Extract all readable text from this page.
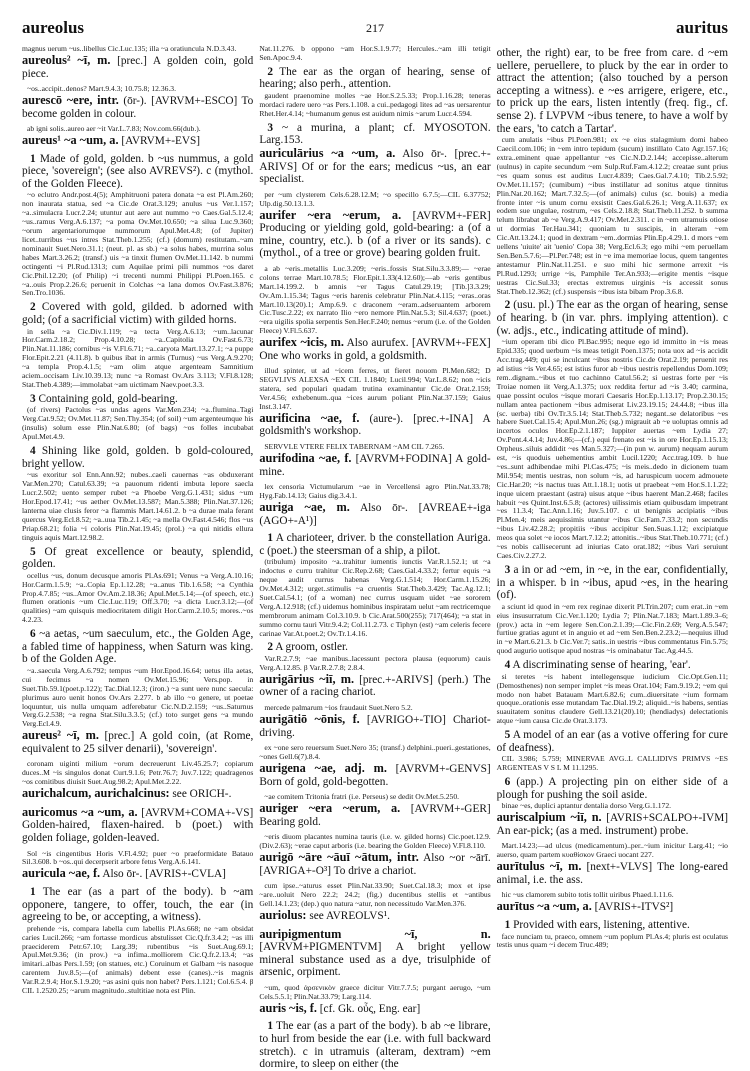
aureolus	217	auritus
magnus uerum ~us..libellus Cic.Luc.135; illa ~a oratiuncula N.D.3.43.
aureolus² ~ī, m. [prec.] A golden coin, gold piece.
~os..accipit..denos? Mart.9.4.3; 10.75.8; 12.36.3.
aurescō ~ere, intr. (ōr-). [AVRVM+-ESCO] To become golden in colour.
ab igni solis..aureo aer ~it Var.L.7.83; Nov.com.66(dub.).
aureus¹ ~a ~um, a. [AVRVM+-EVS]
1 Made of gold, golden. b ~us nummus, a gold piece, 'sovereign'; (see also AVREVS²). c (mythol. of the Golden Fleece).
~o eclutro Andr.post.4(5); Amphitruoni patera donata ~a est Pl.Am.260; non inaurata statua, sed ~a Cic.de Orat.3.129; anulus ~us Ver.1.157; ~a..simulacra Lucr.2.24; utuntur aut aere aut nummo ~o Caes.Gal.5.12.4; ~us..ramus Verg.A.6.137; ~a poma Ov.Met.10.650; ~a silua Luc.9.360; ~orum argentariorumque nummorum Apul.Met.4.8; (of Jupiter) licet..turribus ~us intres Stat.Theb.1.255; (cf.) (domum) restitutam..~am nominauit Suet.Nero.31.1; (neut. pl. as sb.) ~a solus habes, murrina solus habes Mart.3.26.2; (transf.) uis ~a tinxit flumen Ov.Met.11.142. b nummi octingenti ~i Pl.Rud.1313; cum Aquilae primi pili nummos ~os daret Cic.Phil.12.20; (of Philip) ~i trecenti nummi Philippi Pl.Poen.165. c ~a..ouis Prop.2.26.6; peruenit in Colchas ~a lana domos Ov.Fast.3.876; Sen.Tro.1036.
2 Covered with gold, gilded. b adorned with gold; (of a sacrificial victim) with gilded horns.
in sella ~a Cic.Div.1.119; ~a tecta Verg.A.6.13; ~um..lacunar Hor.Carm.2.18.2; Prop.4.10.28; ~a..Capitolia Ov.Fast.6.73; Plin.Nat.11.186; cornibus ~is V.Fl.6.71; ~a..caryota Mart.13.27.1; ~a puppe Flor.Epit.2.21 (4.11.8). b quibus ibat in armis (Turnus) ~us Verg.A.9.270; ~a templa Prop.4.1.5; ~am olim atque argenteam Samnitium aciem..occisam Liv.10.39.13; nunc ~a Romast Ov.Ars 3.113; V.Fl.8.128; Stat.Theb.4.389;—immolabat ~am uictimam Naev.poet.3.3.
3 Containing gold, gold-bearing.
(of rivers) Pactolus ~as undas agens Var.Men.234; ~a..flumina..Tagi Verg.Cat.9.52; Ov.Met.11.87; Sen.Thy.354; (of soil) ~um argenteumque his (insulis) solum esse Plin.Nat.6.80; (of bags) ~os folles incubabat Apul.Met.4.9.
4 Shining like gold, golden. b gold-coloured, bright yellow.
~us exoritur sol Enn.Ann.92; nubes..caeli cauernas ~as obduxerant Var.Men.270; Catul.63.39; ~a pauonum ridenti imbuta lepore saecla Lucr.2.502; uento semper rubet ~a Phoebe Verg.G.1.431; sidus ~um Hor.Epod.17.41; ~us aether Ov.Met.13.587; Man.5.388; Plin.Nat.37.126; lanterna uiae clusis feror ~a flammis Mart.14.61.2. b ~a durae mala ferant quercus Verg.Ecl.8.52; ~a..uua Tib.2.1.45; ~a mella Ov.Fast.4.546; flos ~us Priap.68.21; folia ~i coloris Plin.Nat.19.45; (prol.) ~a qui nitidis ellura tinguis aquis Mart.12.98.2.
5 Of great excellence or beauty, splendid, golden.
ocellus ~us, donum decusque amoris Pl.As.691; Venus ~a Verg.A.10.16; Hor.Carm.1.5.9; ~a..Copia Ep.1.12.28; ~a..anus Tib.1.6.58; ~a Cynthia Prop.4.7.85; ~us..Amor Ov.Am.2.18.36; Apul.Met.5.14;—(of speech, etc.) flumen orationis ~um Cic.Luc.119; Off.3.70; ~a dicta Lucr.3.12;—(of qualities) ~am quisquis mediocritatem diligit Hor.Carm.2.10.5; mores..~os 4.2.23.
6 ~a aetas, ~um saeculum, etc., the Golden Age, a fabled time of happiness, when Saturn was king. b of the Golden Age.
~a..saecula Verg.A.6.792; tempus ~um Hor.Epod.16.64; uetus illa aetas, cui fecimus ~a nomen Ov.Met.15.96; Vers.pop. in Suet.Tib.59.1(poet.p.122); Tac.Dial.12.3; (iron.) ~a sunt uere nunc saecula: plurimus auro uenit honos Ov.Ars 2.277. b ab illo ~o genere, ut poetae loquuntur, uis nulla umquam adferebatur Cic.N.D.2.159; ~us..Saturnus Verg.G.2.538; ~a regna Stat.Silu.3.3.5; (cf.) toto surget gens ~a mundo Verg.Ecl.4.9.
aureus² ~ī, m. [prec.] A gold coin, (at Rome, equivalent to 25 silver denarii), 'sovereign'.
coronam uiginti milium ~orum decreuerunt Liv.45.25.7; copiarum duces..M ~is singulos donat Curt.9.1.6; Petr.76.7; Juv.7.122; quadragenos ~os comitibus diuisit Suet.Aug.98.2; Apul.Met.2.22.
aurichalcum, aurichalcinus: see ORICH-.
auricomus ~a ~um, a. [AVRVM+COMA+-VS] Golden-haired, flaxen-haired. b (poet.) with golden foliage, golden-leaved.
Sol ~is cingentibus Horis V.Fl.4.92; puer ~o praeformidate Batauo Sil.3.608. b ~os..qui decerpserit arbore fetus Verg.A.6.141.
auricula ~ae, f. Also ōr-. [AVRIS+-CVLA]
1 The ear (as a part of the body). b ~am opponere, tangere, to offer, touch, the ear (in agreeing to be, or accepting, a witness).
prehende ~is, compara labella cum labellis Pl.As.668; ne ~am obsidat caries Lucil.266; ~am fortasse mordicus abstulisset Cic.Q.fr.3.4.2; ~as illi praeciderem Petr.67.10; Larg.39; rubentibus ~is Suet.Aug.69.1; Apul.Met.9.36; (in prov.) ~a infima..molliorem Cic.Q.fr.2.13.4; ~as imitari..albas Pers.1.59; (on statues, etc.) Coruinum et Galbam ~is nasoque carentem Juv.8.5;—(of animals) debent esse (canes)..~is magnis Var.R.2.9.4; Hor.S.1.9.20; ~as asini quis non habet? Pers.1.121; Col.6.5.4. β CIL 1.2520.25; ~arum magnitudo..stultitiae nota est Plin.
Nat.11.276. b oppono ~am Hor.S.1.9.77; Hercules..~am illi tetigit Sen.Apoc.9.4.
2 The ear as the organ of hearing, sense of hearing; also perh., attention.
gaudent praenomine molles ~ae Hor.S.2.5.33; Prop.1.16.28; teneras mordaci radere uero ~as Pers.1.108. a cui..pedagogi lites ad ~as uersarentur Rhet.Her.4.14; ~humanum genus est auidum nimis ~arum Lucr.4.594.
3 ~ a murina, a plant; cf. MYOSOTON. Larg.153.
auriculārius ~a ~um, a. Also ōr-. [prec.+-ARIVS] Of or for the ears; medicus ~us, an ear specialist.
per ~um clysterem Cels.6.28.12.M; ~o specillo 6.7.5;—CIL 6.37752; Ulp.dig.50.13.1.3.
aurifer ~era ~erum, a. [AVRVM+-FER] Producing or yielding gold, gold-bearing: a (of a mine, country, etc.). b (of a river or its sands). c (mythol., of a tree or grove) bearing golden fruit.
a ab ~eris..metallis Luc.3.209; ~eris..fossis Stat.Silu.3.3.89;— ~erae colons terrae Mart.10.78.5; Flor.Epit.1.33(4.12.60);—ab ~eris gentibus Mart.14.199.2. b amnis ~er Tagus Catul.29.19; [Tib.]3.3.29; Ov.Am.1.15.34; Tagus ~eris harenis celebratur Plin.Nat.4.115; ~eras..oras Mart.10.13(20).1; Amp.6.9. c draconem ~eram..adseruantem arborem Cic.Tusc.2.22; ex narrato Ilio ~ero nemore Plin.Nat.5.3; Sil.4.637; (poet.) ~era uigilis spolia serpentis Sen.Her.F.240; nemus ~erum (i.e. of the Golden Fleece) V.Fl.5.637.
aurifex ~icis, m. Also aurufex. [AVRVM+-FEX] One who works in gold, a goldsmith.
illud spinter, ut ad ~icem ferres, ut fieret nouom Pl.Men.682; D SEGVLIVS ALEXSA ~EX CIL 1.1840; Lucil.994; Var.L.8.62; non ~icis statera, sed populari quadam trutina examinantur Cic.de Orat.2.159; Ver.4.56; exhebenum..qua ~ices aurum poliant Plin.Nat.37.159; Gaius Inst.3.147.
aurificina ~ae, f. (aure-). [prec.+-INA] A goldsmith's workshop.
SERVVLE VTERE FELIX TABERNAM ~AM CIL 7.265.
aurifodina ~ae, f. [AVRVM+FODINA] A gold-mine.
lex censoria Victumularum ~ae in Vercellensi agro Plin.Nat.33.78; Hyg.Fab.14.13; Gaius dig.3.4.1.
auriga ~ae, m. Also ōr-. [AVREAE+-iga (AGO+-A¹)]
1 A charioteer, driver. b the constellation Auriga. c (poet.) the steersman of a ship, a pilot.
(tribulum) imposito ~a..trahitur iumentis iunctis Var.R.1.52.1; ut ~a indoctus e curru trahitur Cic.Rep.2.68; Caes.Gal.4.33.2; fertur equis ~a neque audit currus habenas Verg.G.1.514; Hor.Carm.1.15.26; Ov.Met.4.312; urget..stimulis ~a cruentis Stat.Theb.3.429; Tac.Ag.12.1; Suet.Cal.54.1; (of a woman) nec currus usquam uidet ~ae sororem Verg.A.12.918; (cf.) uidemus hominibus inspiratam uelut ~am rectricemque membrorum animam Col.3.10.9. b Cic.Arat.500(255); 717(464); ~a stat in summo cornu tauri Vitr.9.4.2; Col.11.2.73. c Tiphyn (est) ~am celeris fecere carinae Var.At.poet.2; Ov.Tr.1.4.16.
2 A groom, ostler.
Var.R.2.7.9; ~ae manibus..lacessunt pectora plausa (equorum) cauis Verg.A.12.85. β Var.R.2.7.8; 2.8.4.
aurigārius ~iī, m. [prec.+-ARIVS] (perh.) The owner of a racing chariot.
mercede palmarum ~ios fraudauit Suet.Nero 5.2.
aurigātiō ~ōnis, f. [AVRIGO+-TIO] Chariot-driving.
ex ~one sero reuersum Suet.Nero 35; (transf.) delphini..pueri..gestationes, ~ones Gell.6(7).8.4.
aurigena ~ae, adj. m. [AVRVM+-GENVS] Born of gold, gold-begotten.
~ae comitem Tritonia fratri (i.e. Perseus) se dedit Ov.Met.5.250.
auriger ~era ~erum, a. [AVRVM+-GER] Bearing gold.
~eris diuom placantes numina tauris (i.e. w. gilded horns) Cic.poet.12.9.(Div.2.63); ~erae caput arboris (i.e. bearing the Golden Fleece) V.Fl.8.110.
aurigō ~āre ~āuī ~ātum, intr. Also ~or ~ārī. [AVRIGA+-O³] To drive a chariot.
cum ipse..~aturus esset Plin.Nat.33.90; Suet.Cal.18.3; mox et ipse ~are..uoluit Nero 22.2; 24.2; (fig.) ducentibus stellis et ~antibus Gell.14.1.23; (dep.) quo natura ~atur, non necessitudo Var.Men.376.
auriolus: see AVREOLVS¹.
auripigmentum ~ī, n. [AVRVM+PIGMENTVM] A bright yellow mineral substance used as a dye, trisulphide of arsenic, orpiment.
~um, quod ἀρσενικὸν graece dicitur Vitr.7.7.5; purgant aerugo, ~um Cels.5.5.1; Plin.Nat.33.79; Larg.114.
auris ~is, f. [cf. Gk. οὖς, Eng. ear]
1 The ear (as a part of the body). b ab ~e librare, to hurl from beside the ear (i.e. with full backward stretch). c in utramuis (alteram, dextram) ~em dormire, to sleep on either (the
other, the right) ear, to be free from care. d ~em uellere, peruellere, to pluck by the ear in order to attract the attention; (also touched by a person accepting a witness). e ~es arrigere, erigere, etc., to prick up the ears, listen intently (freq. fig., cf. sense 2). f LVPVM ~ibus tenere, to have a wolf by the ears, 'to catch a Tartar'.
cum anulatis ~ibus Pl.Poen.981; ex ~e eius stalagmium domi habeo Caecil.com.106; in ~em intro tepidum (sucum) instillato Cato Agr.157.16; extra..eminent quae appellantur ~es Cic.N.D.2.144; accepisse..alterum (uulnus) in capite secundum ~em Sulp.Ruf.Fam.4.12.2; creatae sunt prius ~es quam sonus est auditus Lucr.4.839; Caes.Gal.7.4.10; Tib.2.5.92; Ov.Met.11.157; (cumibum) ~ibus instillatur ad sonitus atque tinnitus Plin.Nat.20.162; Mart.7.32.5;—(of animals) culus (sc. bouis) a media fronte inter ~is unum cornu exsistit Caes.Gal.6.26.1; Verg.A.11.637; ex eodem sue ungulae, rostrum, ~es Cels.2.18.8; Stat.Theb.11.252. b summa telum librabat ab ~e Verg.A.9.417; Ov.Met.2.311. c in ~em utramuis otiose ut dormias Ter.Hau.341; quoniam tu suscipis, in alteram ~em Cic.Att.13.24.1; quod in dextram ~em..dormias Plin.Ep.4.29.1. d mors ~em uellens 'uiuite' ait 'uenio' Copa 38; Verg.Ecl.6.3; ego mihi ~em peruellam Sen.Ben.5.7.6;—Pl.Per.748; est in ~e ima memoriae locus, quem tangentes antestamur Plin.Nat.11.251. e suo mihi hic sermone arrexit ~is Pl.Rud.1293; urrige ~is, Pamphile Ter.An.933;—erigite mentis ~isque uestras Cic.Sul.33; erectas extremus uirginis ~is accessit sonus Stat.Theb.12.362; (cf.) suspensis ~ibus ista bibam Prop.3.6.8.
2 (usu. pl.) The ear as the organ of hearing, sense of hearing. b (in var. phrs. implying attention). c (w. adjs., etc., indicating attitude of mind).
~ium operam tibi dico Pl.Bac.995; neque ego id immitto in ~is meas Epid.335; quod uerbum ~is meas tetigit Poen.1375; nota uox ad ~is accidit Acc.trag.449; qui se inculcant ~ibus nostris Cic.de Orat.2.19; peruenit res ad istius ~is Ver.4.65; est istius furor ab ~ibus uestris repellendus Dom.109; rem..dignam..~ibus et tuo cachinno Catul.56.2; si uestras forte per ~is Troiae nomen iit Verg.A.1.375; uox reddita fertur ad ~is 3.40; carmina, quae possint oculos ~isque morari Caesaris Hor.Ep.1.13.17; Prop.2.30.15; nullam antea pactionem ~ibus admiserat Liv.23.19.15; 24.44.8; ~ibus illa (sc. uerba) tibi Ov.Tr.3.5.14; Stat.Theb.5.732; negant..se delatoribus ~es habere Suet.Cal.15.4; Apul.Mun.26; (sg.) migrauit ab ~e uoluptas omnis ad incertos oculos Hor.Ep.2.1.187; Iuppiter auertas ~em Lydia 27; Ov.Pont.4.4.14; Juv.4.86;—(cf.) equi frenato est ~is in ore Hor.Ep.1.15.13; Orpheus..siluis addidit ~es Man.5.327;—(in pun w. aurum) nequam aurum est, ~is quoduis uehementius ambit Lucil.1220; Acc.trag.109. b hue ~es..sunt adhibendae mihi Pl.Cas.475; ~is meis..dedo in dicionem tuam Mil.954; mentis uestras, non solum ~is, ad haruspicum uocem admouete Cic.Har.20; ~is nactus tuas Att.1.18.1; uotis ut praebeat ~em Hor.S.1.1.22; inque uicem praestant (astra) uisus atque ~ibus haerent Man.2.468; faciles habuit ~es Quint.Inst.6.5.8; (actores) uilissimis etiam quibusdam impetrant ~es 11.3.4; Tac.Ann.1.16; Juv.5.107. c ut benignis accipiatis ~ibus Pl.Men.4; meis aequissimis utantur ~ibus Cic.Fam.7.33.2; non secundis ~ibus Liv.42.28.2; propitiis ~ibus accipitur Sen.Suas.1.12; excipiatque meos qua solet ~e iocos Mart.7.12.2; attonitis..~ibus Stat.Theb.10.771; (cf.) ~es nobis callisecerunt ad iniurias Cato orat.182; ~ibus Vari seruiunt Caes.Civ.2.27.2.
3 a in or ad ~em, in ~e, in the ear, confidentially, in a whisper. b in ~ibus, apud ~es, in the hearing (of).
a sciunt id quod in ~em rex reginae dixerit Pl.Trin.207; cum erat..in ~em eius insusurratum Cic.Ver.1.120; Lydia 7; Plin.Nat.7.183; Mart.1.89.3–6; (prov.) acta in ~em legere Sen.Con.2.1.39;—Cic.Fin.2.69; Verg.A.5.547; furtiue gratias agunt et in anguio et ad ~em Sen.Ben.2.23.2;—nequius illud in ~e Mart.6.21.3. b Cic.Ver.7; satis..in uestris ~ibus commentatus Fin.5.75; quod augurio uotisque apud nostras ~is ominabatur Tac.Ag.44.5.
4 A discriminating sense of hearing, 'ear'.
si teretes ~is habent intellegensque iudicium Cic.Opt.Gen.11; (Demosthenes) non semper implet ~is meas Orat.104; Fam.9.19.2; ~em qui modo non habet Batauam Mart.6.82.6; cum..diuersitate ~ium formam quoque..orationis esse mutandam Tac.Dial.19.2; aliquid..~is habens, sentias suauitatem sonitus claudere Gell.13.21(20).10; (hendiadys) delectationis atque ~ium causa Cic.de Orat.3.173.
5 A model of an ear (as a votive offering for cure of deafness).
CIL 3.986; 5.759; MINERVAE AVG..L CALLIDIVS PRIMVS ~ES ARGENTEAS V S L M 11.1295.
6 (app.) A projecting pin on either side of a plough for pushing the soil aside.
binae ~es, duplici aptantur dentalia dorso Verg.G.1.172.
auriscalpium ~iī, n. [AVRIS+SCALPO+-IVM] An ear-pick; (as a med. instrument) probe.
Mart.14.23;—ad ulcus (medicamentum)..per..~ium inicitur Larg.41; ~io auerso, quam partem κυαθίσκον Graeci uocant 227.
aurītulus ~ī, m. [next+-VLVS] The long-eared animal, i.e. the ass.
hic ~us clamorem subito totis tollit uiribus Phaed.1.11.6.
aurītus ~a ~um, a. [AVRIS+-ITVS²]
1 Provided with ears, listening, attentive.
face nunciam tu, praeco, omnem ~um poplum Pl.As.4; pluris est oculatus testis unus quam ~i decem Truc.489;
